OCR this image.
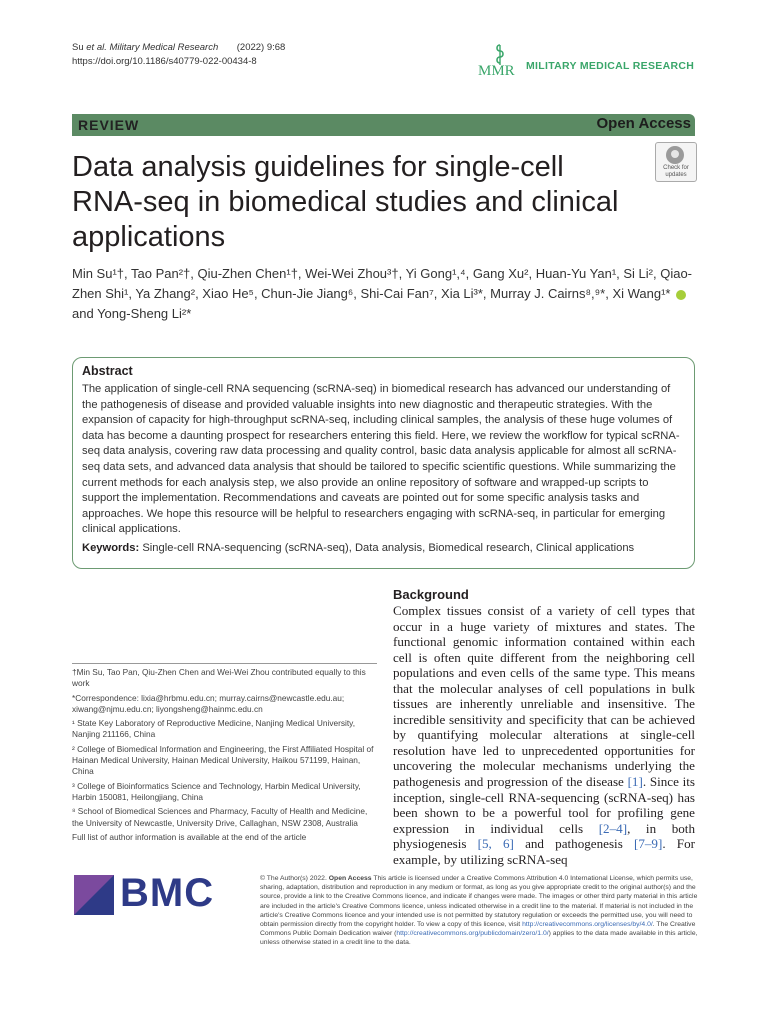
Su et al. Military Medical Research (2022) 9:68
https://doi.org/10.1186/s40779-022-00434-8
MMR MILITARY MEDICAL RESEARCH
REVIEW	Open Access
Data analysis guidelines for single-cell RNA-seq in biomedical studies and clinical applications
Check for updates
Min Su¹†, Tao Pan²†, Qiu-Zhen Chen¹†, Wei-Wei Zhou³†, Yi Gong¹,⁴, Gang Xu², Huan-Yu Yan¹, Si Li², Qiao-Zhen Shi¹, Ya Zhang², Xiao He⁵, Chun-Jie Jiang⁶, Shi-Cai Fan⁷, Xia Li³*, Murray J. Cairns⁸,⁹*, Xi Wang¹*  and Yong-Sheng Li²*
Abstract
The application of single-cell RNA sequencing (scRNA-seq) in biomedical research has advanced our understanding of the pathogenesis of disease and provided valuable insights into new diagnostic and therapeutic strategies. With the expansion of capacity for high-throughput scRNA-seq, including clinical samples, the analysis of these huge volumes of data has become a daunting prospect for researchers entering this field. Here, we review the workflow for typical scRNA-seq data analysis, covering raw data processing and quality control, basic data analysis applicable for almost all scRNA-seq data sets, and advanced data analysis that should be tailored to specific scientific questions. While summarizing the current methods for each analysis step, we also provide an online repository of software and wrapped-up scripts to support the implementation. Recommendations and caveats are pointed out for some specific analysis tasks and approaches. We hope this resource will be helpful to researchers engaging with scRNA-seq, in particular for emerging clinical applications.
Keywords: Single-cell RNA-sequencing (scRNA-seq), Data analysis, Biomedical research, Clinical applications

†Min Su, Tao Pan, Qiu-Zhen Chen and Wei-Wei Zhou contributed equally to this work

*Correspondence: lixia@hrbmu.edu.cn; murray.cairns@newcastle.edu.au; xiwang@njmu.edu.cn; liyongsheng@hainmc.edu.cn

¹ State Key Laboratory of Reproductive Medicine, Nanjing Medical University, Nanjing 211166, China

² College of Biomedical Information and Engineering, the First Affiliated Hospital of Hainan Medical University, Hainan Medical University, Haikou 571199, Hainan, China

³ College of Bioinformatics Science and Technology, Harbin Medical University, Harbin 150081, Heilongjiang, China

⁸ School of Biomedical Sciences and Pharmacy, Faculty of Health and Medicine, the University of Newcastle, University Drive, Callaghan, NSW 2308, Australia

Full list of author information is available at the end of the article

Background
Complex tissues consist of a variety of cell types that occur in a huge variety of mixtures and states. The functional genomic information contained within each cell is often quite different from the neighboring cell populations and even cells of the same type. This means that the molecular analyses of cell populations in bulk tissues are inherently unreliable and insensitive. The incredible sensitivity and specificity that can be achieved by quantifying molecular alterations at single-cell resolution have led to unprecedented opportunities for uncovering the molecular mechanisms underlying the pathogenesis and progression of the disease [1]. Since its inception, single-cell RNA-sequencing (scRNA-seq) has been shown to be a powerful tool for profiling gene expression in individual cells [2–4], in both physiogenesis [5, 6] and pathogenesis [7–9]. For example, by utilizing scRNA-seq
BMC	© The Author(s) 2022. Open Access This article is licensed under a Creative Commons Attribution 4.0 International License, which permits use, sharing, adaptation, distribution and reproduction in any medium or format, as long as you give appropriate credit to the original author(s) and the source, provide a link to the Creative Commons licence, and indicate if changes were made. The images or other third party material in this article are included in the article's Creative Commons licence, unless indicated otherwise in a credit line to the material. If material is not included in the article's Creative Commons licence and your intended use is not permitted by statutory regulation or exceeds the permitted use, you will need to obtain permission directly from the copyright holder. To view a copy of this licence, visit http://creativecommons.org/licenses/by/4.0/. The Creative Commons Public Domain Dedication waiver (http://creativecommons.org/publicdomain/zero/1.0/) applies to the data made available in this article, unless otherwise stated in a credit line to the data.
